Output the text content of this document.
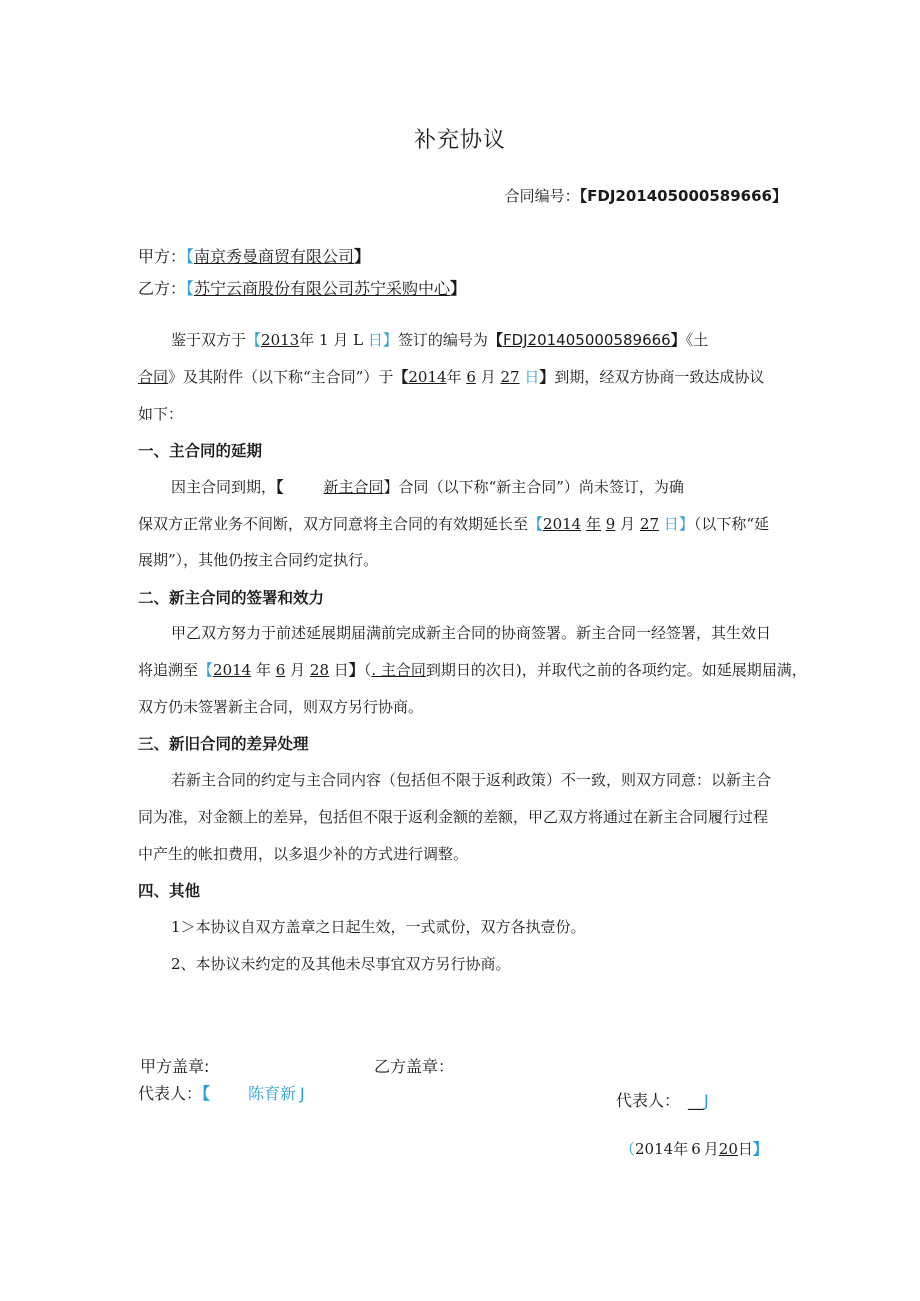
补充协议
合同编号：【FDJ201405000589666】
甲方：【南京秀曼商贸有限公司】
乙方：【苏宁云商股份有限公司苏宁采购中心】
鉴于双方于【2013年 1 月 L 日】签订的编号为【FDJ201405000589666】《土
合同》及其附件（以下称“主合同”）于【2014年 6 月 27 日】到期，经双方协商一致达成协议
如下：
一、主合同的延期
因主合同到期，【	新主合同】合同（以下称“新主合同”）尚未签订，为确
保双方正常业务不间断，双方同意将主合同的有效期延长至【2014 年 9 月 27 日】（以下称“延
展期”），其他仍按主合同约定执行。
二、新主合同的签署和效力
甲乙双方努力于前述延展期届满前完成新主合同的协商签署。新主合同一经签署，其生效日
将追溯至【2014 年 6 月 28 日】（. 主合同到期日的次日)，并取代之前的各项约定。如延展期届满，
双方仍未签署新主合同，则双方另行协商。
三、新旧合同的差异处理
若新主合同的约定与主合同内容（包括但不限于返利政策）不一致，则双方同意：以新主合
同为准，对金额上的差异，包括但不限于返利金额的差额，甲乙双方将通过在新主合同履行过程
中产生的帐扣费用，以多退少补的方式进行调整。
四、其他
1＞本协议自双方盖章之日起生效，一式贰份，双方各执壹份。
2、本协议未约定的及其他未尽事宜双方另行协商。
甲方盖章:	乙方盖章：
代表人：【 陈育新 J	代表人： __J
（2014年 6 月20日】
